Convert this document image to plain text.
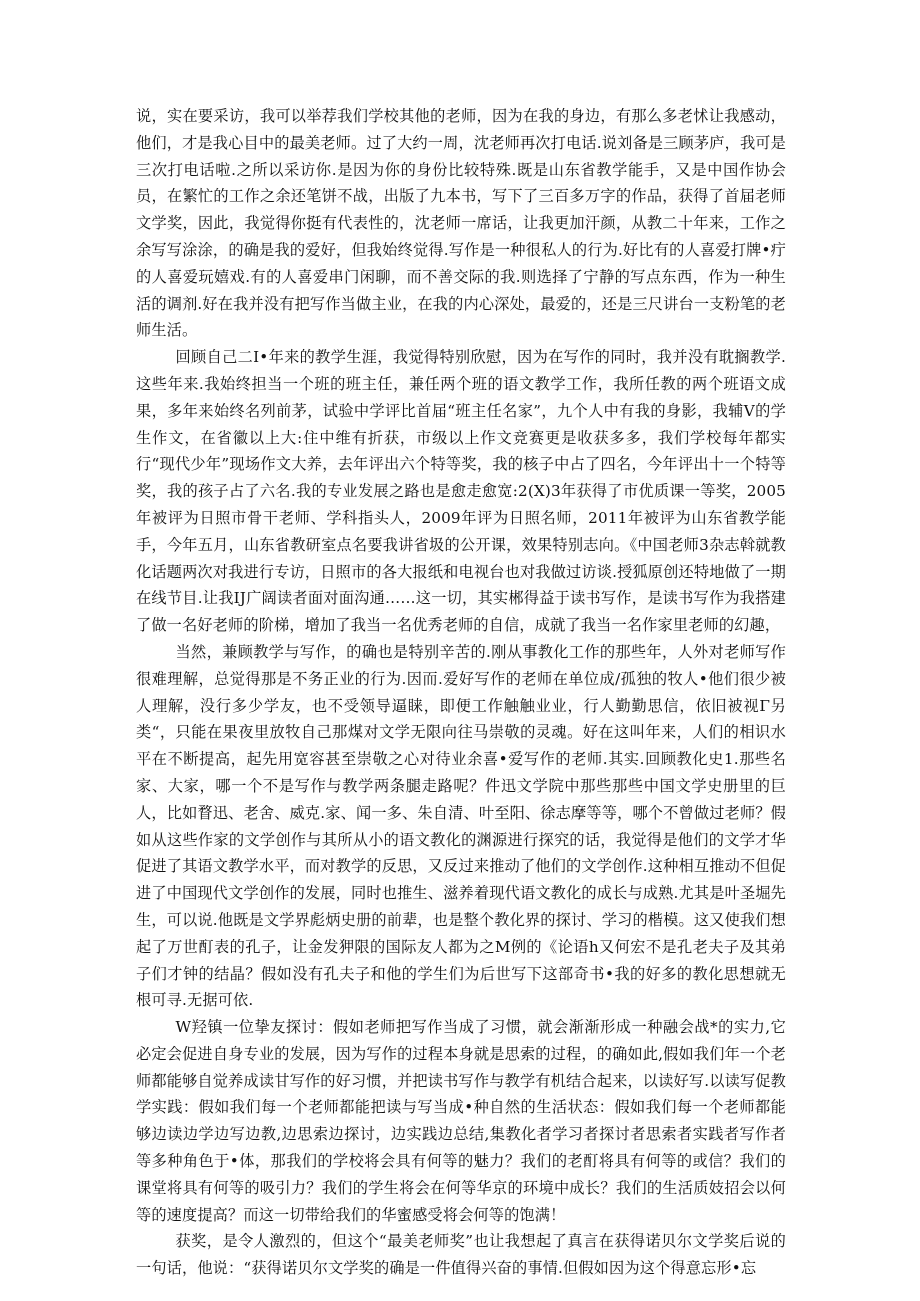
说，实在要采访，我可以举荐我们学校其他的老师，因为在我的身边，有那么多老怵让我感动，他们，才是我心目中的最美老师。过了大约一周，沈老师再次打电话.说刘备是三顾茅庐，我可是三次打电话啦.之所以采访你.是因为你的身份比较特殊.既是山东省教学能手，又是中国作协会员，在繁忙的工作之余还笔饼不战，出版了九本书，写下了三百多万字的作品，获得了首届老师文学奖，因此，我觉得你挺有代表性的，沈老师一席话，让我更加汗颜，从教二十年来，工作之余写写涂涂，的确是我的爱好，但我始终觉得.写作是一种很私人的行为.好比有的人喜爱打牌•疔的人喜爱玩嬉戏.有的人喜爱串门闲聊，而不善交际的我.则选择了宁静的写点东西，作为一种生活的调剂.好在我并没有把写作当做主业，在我的内心深处，最爱的，还是三尺讲台一支粉笔的老师生活。

回顾自己二I•年来的教学生涯，我觉得特别欣慰，因为在写作的同时，我并没有耽搁教学.这些年来.我始终担当一个班的班主任，兼任两个班的语文教学工作，我所任教的两个班语文成果，多年来始终名列前茅，试验中学评比首届“班主任名家”，九个人中有我的身影，我辅V的学生作文，在省徽以上大:住中维有折获，市级以上作文竞赛更是收获多多，我们学校每年都实行“现代少年”现场作文大养，去年评出六个特等奖，我的核子中占了四名，今年评出十一个特等奖，我的孩子占了六名.我的专业发展之路也是愈走愈宽:2(X)3年获得了市优质课一等奖，2005年被评为日照市骨干老师、学科指头人，2009年评为日照名师，2011年被评为山东省教学能手，今年五月，山东省教研室点名要我讲省圾的公开课，效果特别志向。《中国老师3杂志斡就教化话题两次对我进行专访，日照市的各大报纸和电视台也对我做过访谈.授狐原创还特地做了一期在线节目.让我IJ广阔读者面对面沟通……这一切，其实郴得益于读书写作，是读书写作为我搭建了做一名好老师的阶梯，增加了我当一名优秀老师的自信，成就了我当一名作家里老师的幻趣，

当然，兼顾教学与写作，的确也是特别辛苦的.刚从事教化工作的那些年，人外对老师写作很难理解，总觉得那是不务正业的行为.因而.爱好写作的老师在单位成/孤独的牧人•他们很少被人理解，没行多少学友，也不受领导逼睐，即便工作触触业业，行人勤勤思信，依旧被视Γ另类“，只能在果夜里放牧自己那煤对文学无限向往马崇敬的灵魂。好在这叫年来，人们的相识水平在不断提高，起先用宽容甚至崇敬之心对待业余喜•爱写作的老师.其实.回顾教化史1.那些名家、大家，哪一个不是写作与教学两条腿走路呢？件迅文学院中那些那些中国文学史册里的巨人，比如瞀迅、老舍、威克.家、闻一多、朱自清、叶至阳、徐志摩等等，哪个不曾做过老师？假如从这些作家的文学创作与其所从小的语文教化的渊源进行探究的话，我觉得是他们的文学才华促进了其语文教学水平，而对教学的反思，又反过来推动了他们的文学创作.这种相互推动不但促进了中国现代文学创作的发展，同时也推生、滋养着现代语文教化的成长与成熟.尤其是叶圣堀先生，可以说.他既是文学界彪炳史册的前辈，也是整个教化界的探讨、学习的楷模。这又使我们想起了万世酊表的孔子，让金发狎限的国际友人都为之M例的《论语h又何宏不是孔老夫子及其弟子们才钟的结晶？假如没有孔夫子和他的学生们为后世写下这部奇书•我的好多的教化思想就无根可寻.无据可依.

W羟镇一位挚友探讨：假如老师把写作当成了习惯，就会渐渐形成一种融会战*的实力,它必定会促进自身专业的发展，因为写作的过程本身就是思索的过程，的确如此,假如我们年一个老师都能够自觉养成读甘写作的好习惯，并把读书写作与教学有机结合起来，以读好写.以读写促教学实践：假如我们每一个老师都能把读与写当成•种自然的生活状态：假如我们每一个老师都能够边读边学边写边教,边思索边探讨，边实践边总结,集教化者学习者探讨者思索者实践者写作者等多种角色于•体，那我们的学校将会具有何等的魅力？我们的老酊将具有何等的或信？我们的课堂将具有何等的吸引力？我们的学生将会在何等华京的环境中成长？我们的生活质妓招会以何等的速度提高？而这一切带给我们的华蜜感受将会何等的饱满！

获奖，是令人激烈的，但这个“最美老师奖”也让我想起了真言在获得诺贝尔文学奖后说的一句话，他说：“获得诺贝尔文学奖的确是一件值得兴奋的事情.但假如因为这个得意忘形•忘
